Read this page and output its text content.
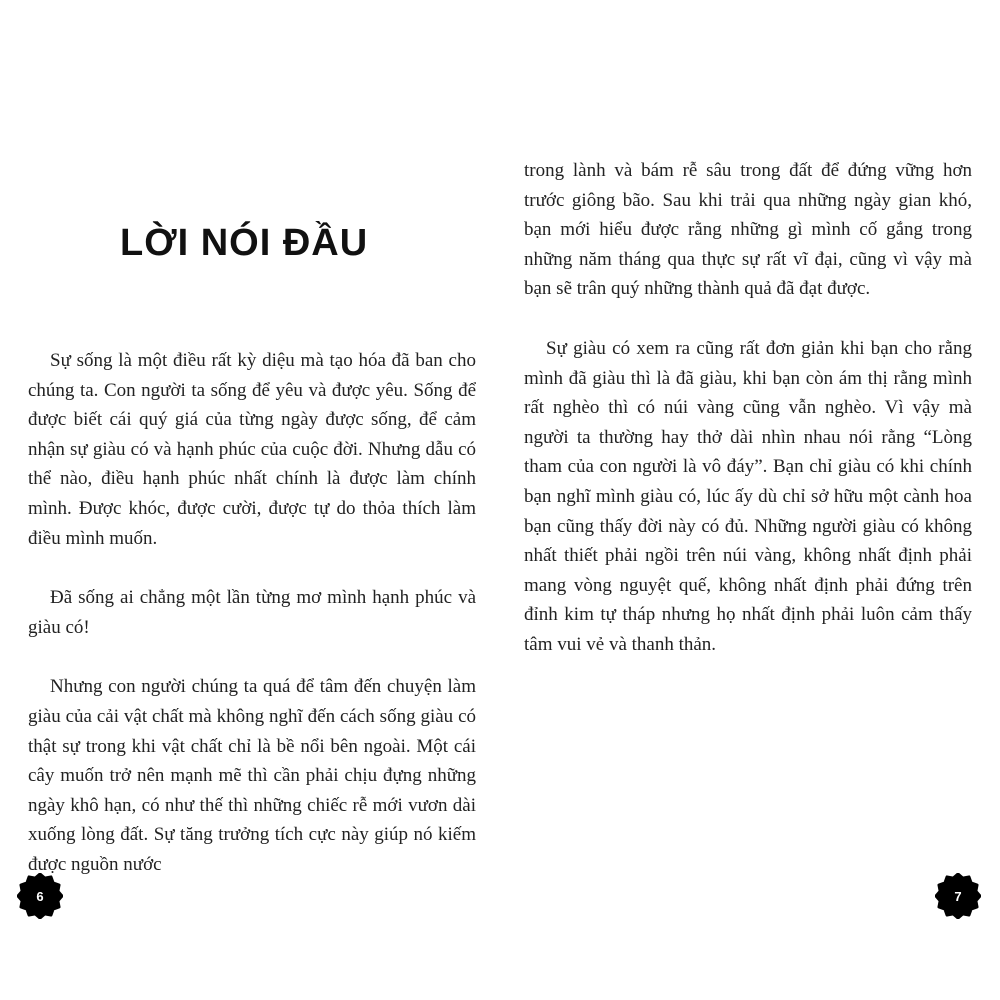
LỜI NÓI ĐẦU

Sự sống là một điều rất kỳ diệu mà tạo hóa đã ban cho chúng ta. Con người ta sống để yêu và được yêu. Sống để được biết cái quý giá của từng ngày được sống, để cảm nhận sự giàu có và hạnh phúc của cuộc đời. Nhưng dẫu có thể nào, điều hạnh phúc nhất chính là được làm chính mình. Được khóc, được cười, được tự do thỏa thích làm điều mình muốn.

Đã sống ai chẳng một lần từng mơ mình hạnh phúc và giàu có!

Nhưng con người chúng ta quá để tâm đến chuyện làm giàu của cải vật chất mà không nghĩ đến cách sống giàu có thật sự trong khi vật chất chỉ là bề nổi bên ngoài. Một cái cây muốn trở nên mạnh mẽ thì cần phải chịu đựng những ngày khô hạn, có như thế thì những chiếc rễ mới vươn dài xuống lòng đất. Sự tăng trưởng tích cực này giúp nó kiếm được nguồn nước

trong lành và bám rễ sâu trong đất để đứng vững hơn trước giông bão. Sau khi trải qua những ngày gian khó, bạn mới hiểu được rằng những gì mình cố gắng trong những năm tháng qua thực sự rất vĩ đại, cũng vì vậy mà bạn sẽ trân quý những thành quả đã đạt được.

Sự giàu có xem ra cũng rất đơn giản khi bạn cho rằng mình đã giàu thì là đã giàu, khi bạn còn ám thị rằng mình rất nghèo thì có núi vàng cũng vẫn nghèo. Vì vậy mà người ta thường hay thở dài nhìn nhau nói rằng “Lòng tham của con người là vô đáy”. Bạn chỉ giàu có khi chính bạn nghĩ mình giàu có, lúc ấy dù chỉ sở hữu một cành hoa bạn cũng thấy đời này có đủ. Những người giàu có không nhất thiết phải ngồi trên núi vàng, không nhất định phải mang vòng nguyệt quế, không nhất định phải đứng trên đỉnh kim tự tháp nhưng họ nhất định phải luôn cảm thấy tâm vui vẻ và thanh thản.

6	7
